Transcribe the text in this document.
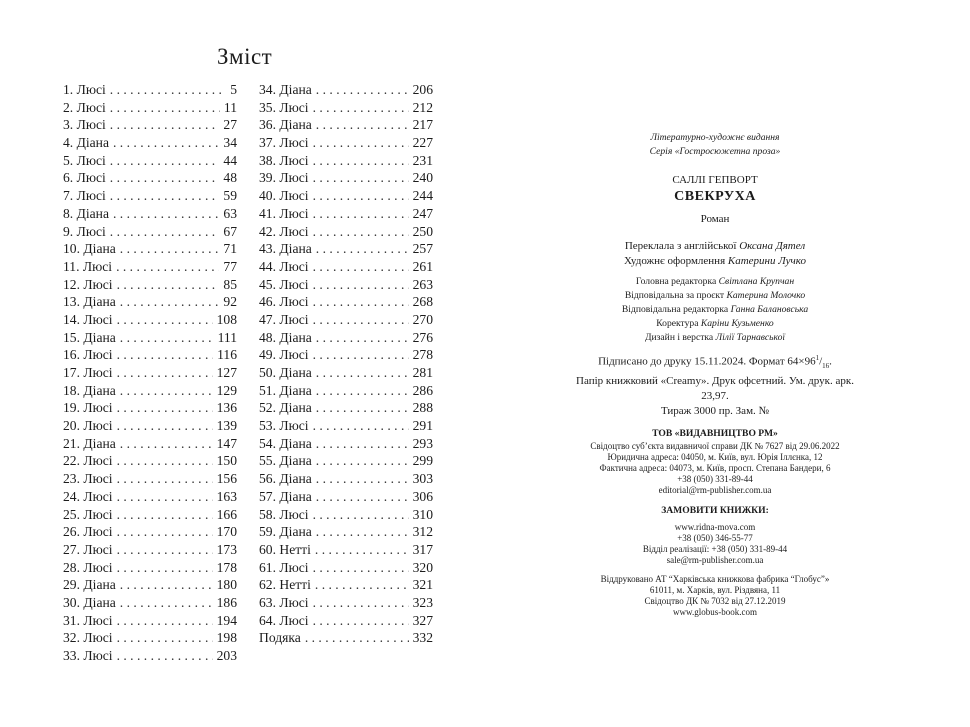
Зміст
1. Люсі . . .	5
2. Люсі . . .	11
3. Люсі . . .	27
4. Діана . . .	34
5. Люсі . . .	44
6. Люсі . . .	48
7. Люсі . . .	59
8. Діана . . .	63
9. Люсі . . .	67
10. Діана . . .	71
11. Люсі . . .	77
12. Люсі . . .	85
13. Діана . . .	92
14. Люсі . . .	108
15. Діана . . .	111
16. Люсі . . .	116
17. Люсі . . .	127
18. Діана . . .	129
19. Люсі . . .	136
20. Люсі . . .	139
21. Діана . . .	147
22. Люсі . . .	150
23. Люсі . . .	156
24. Люсі . . .	163
25. Люсі . . .	166
26. Люсі . . .	170
27. Люсі . . .	173
28. Люсі . . .	178
29. Діана . . .	180
30. Діана . . .	186
31. Люсі . . .	194
32. Люсі . . .	198
33. Люсі . . .	203
34. Діана . . .	206
35. Люсі . . .	212
36. Діана . . .	217
37. Люсі . . .	227
38. Люсі . . .	231
39. Люсі . . .	240
40. Люсі . . .	244
41. Люсі . . .	247
42. Люсі . . .	250
43. Діана . . .	257
44. Люсі . . .	261
45. Люсі . . .	263
46. Люсі . . .	268
47. Люсі . . .	270
48. Діана . . .	276
49. Люсі . . .	278
50. Діана . . .	281
51. Діана . . .	286
52. Діана . . .	288
53. Люсі . . .	291
54. Діана . . .	293
55. Діана . . .	299
56. Діана . . .	303
57. Діана . . .	306
58. Люсі . . .	310
59. Діана . . .	312
60. Нетті . . .	317
61. Люсі . . .	320
62. Нетті . . .	321
63. Люсі . . .	323
64. Люсі . . .	327
Подяка . . .	332
Літературно-художнє видання
Серія «Гостросюжетна проза»
САЛЛІ ГЕПВОРТ
СВЕКРУХА
Роман
Переклала з англійської Оксана Дятел
Художнє оформлення Катерини Лучко
Головна редакторка Світлана Крупчан
Відповідальна за проєкт Катерина Молочко
Відповідальна редакторка Ганна Балановська
Коректура Каріни Кузьменко
Дизайн і верстка Лілії Тарнавської
Підписано до друку 15.11.2024. Формат $64\times 96^1/_{16}$.
Папір книжковий «Creamy». Друк офсетний. Ум. друк. арк. 23,97.
Тираж 3000 пр. Зам. №
ТОВ «ВИДАВНИЦТВО РМ»
Свідоцтво суб’єкта видавничої справи ДК № 7627 від 29.06.2022
Юридична адреса: 04050, м. Київ, вул. Юрія Іллєнка, 12
Фактична адреса: 04073, м. Київ, просп. Степана Бандери, 6
+38 (050) 331-89-44
editorial@rm-publisher.com.ua
ЗАМОВИТИ КНИЖКИ:
www.ridna-mova.com
+38 (050) 346-55-77
Відділ реалізації: +38 (050) 331-89-44
sale@rm-publisher.com.ua
Віддруковано АТ “Харківська книжкова фабрика “Глобус”»
61011, м. Харків, вул. Різдвяна, 11
Свідоцтво ДК № 7032 від 27.12.2019
www.globus-book.com
